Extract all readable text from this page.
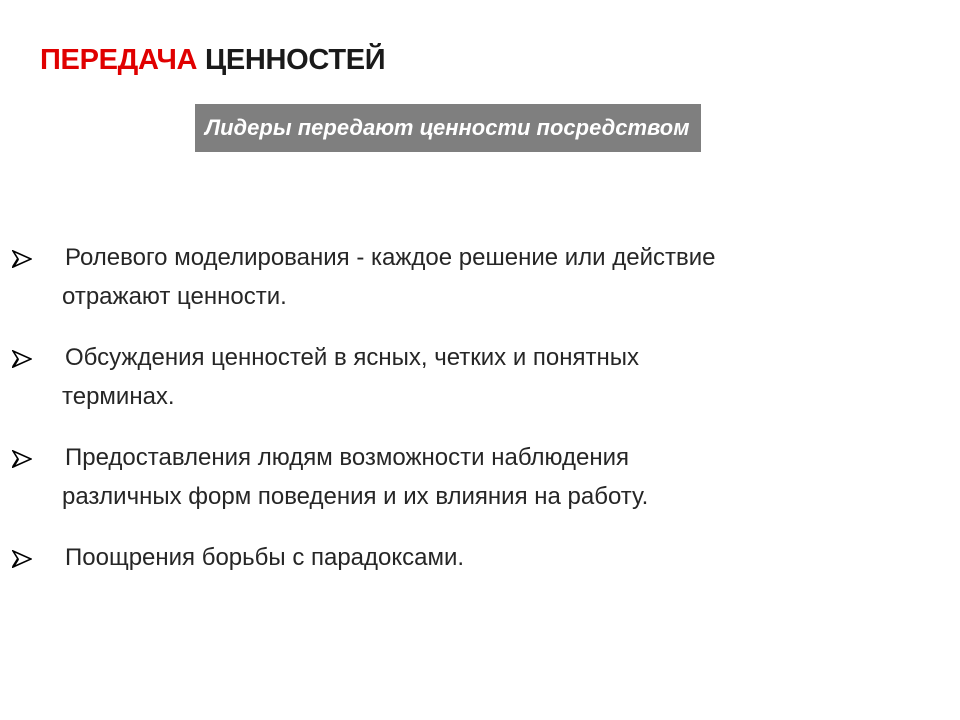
ПЕРЕДАЧА ЦЕННОСТЕЙ
Лидеры передают ценности посредством
Ролевого моделирования - каждое решение или действие
отражают ценности.
Обсуждения ценностей в ясных, четких и понятных
терминах.
Предоставления людям возможности наблюдения
различных форм поведения и их влияния на работу.
Поощрения борьбы с парадоксами.
